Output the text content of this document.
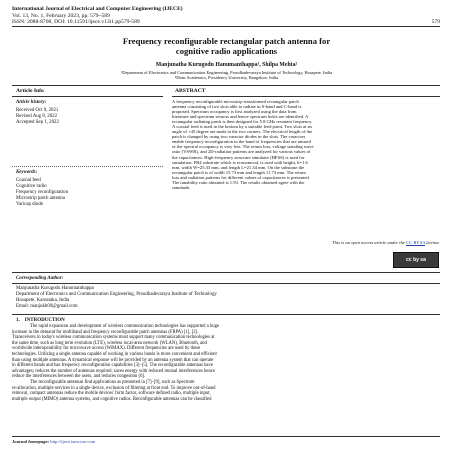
International Journal of Electrical and Computer Engineering (IJECE)
Vol. 13, No. 1, February 2023, pp. 579~589
ISSN: 2088-8708, DOI: 10.11591/ijece.v13i1.pp579-589	579
Frequency reconfigurable rectangular patch antenna for
cognitive radio applications
Manjunatha Kurugodu Hanumanthappa¹, Shilpa Mehta²
¹Department of Electronics and Communication Engineering, Proudhadevaraya Institute of Technology, Hosapete, India
²Dean Academics, Presidency University, Bangalore, India
Article Info	ABSTRACT
Article history:
Received Oct 9, 2021
Revised Aug 8, 2022
Accepted Sep 1, 2022
Keywords:
Coaxial feed
Cognitive radio
Frequency reconfiguration
Microstrip patch antenna
Varicap diode
A frequency reconfigurable microstrip transformed rectangular patch
antenna consisting of two slots able to radiate in S-band and C-band is
proposed. Spectrum occupancy is first analyzed using the data from
literature and spectrum sensors and hence spectrum holes are identified. A
rectangular radiating patch is then designed for 5.8 GHz resonant frequency.
A coaxial feed is used in the bottom by a suitable feed point. Two slots at an
angle of +45 degree are made at the two corners. The electrical length of the
patch is changed by using two varactor diodes in the slots. The varactors
enable frequency reconfiguration in the band of frequencies that are unused
or the spectral occupancy is very less. The return loss, voltage standing wave
ratio (VSWR), and 2D-radiation patterns are analyzed for various values of
the capacitances. High-frequency structure simulator (HFSS) is used for
simulation. FR4 substrate which is economical, is used with height, h=1.6
mm, width W=25.33 mm, and length L=21.34 mm. On the substrate the
rectangular patch is of width 15.73 mm and length 11.74 mm. The return
loss and radiation patterns for different values of capacitances is presented.
The tunability ratio obtained is 1.93. The results obtained agree with the
standards.
This is an open access article under the CC BY-SA license.
cc by sa
Corresponding Author:
Manjunatha Kurugodu Hanumanthappa
Department of Electronics and Communication Engineering, Proudhadevaraya Institute of Technology
Hosapete, Karnataka, India
Email: manjukh09@gmail.com
1.    INTRODUCTION
The rapid expansion and development of wireless communication technologies has supported a huge
increase in the demand for multiband and frequency reconfigurable patch antennas (FRPA) [1], [2].
Transceivers in today's wireless communication systems must support many communication technologies at
the same time, such as long term evolution (LTE), wireless local-area network (WLAN), Bluetooth, and
worldwide interoperability for microwave access (WiMAX). Different frequencies are used by these
technologies. Utilizing a single antenna capable of working in various bands is more convenient and efficient
than using multiple antennas. A dynamical response will be provided by an antenna system that can operate
in different bands and has frequency reconfiguration capabilities [3]–[5]. The reconfigurable antennas have
advantages; reduces the number of antennas required, saves energy with reduced mutual interferences hence
reduce the interferences between the users, and reduces congestion [6].
The reconfigurable antennas find applications as presented in [7]–[9], such as Spectrum
re-allocation, multiple services in a single device, exclusion of filtering at front end. To improve out-of-band
removal, compact antennas reduce the mobile devices' form factor, software defined radio, multiple input,
multiple output (MIMO) antenna systems, and cognitive radios. Reconfigurable antennas can be classified
Journal homepage: http://ijece.iaescore.com
